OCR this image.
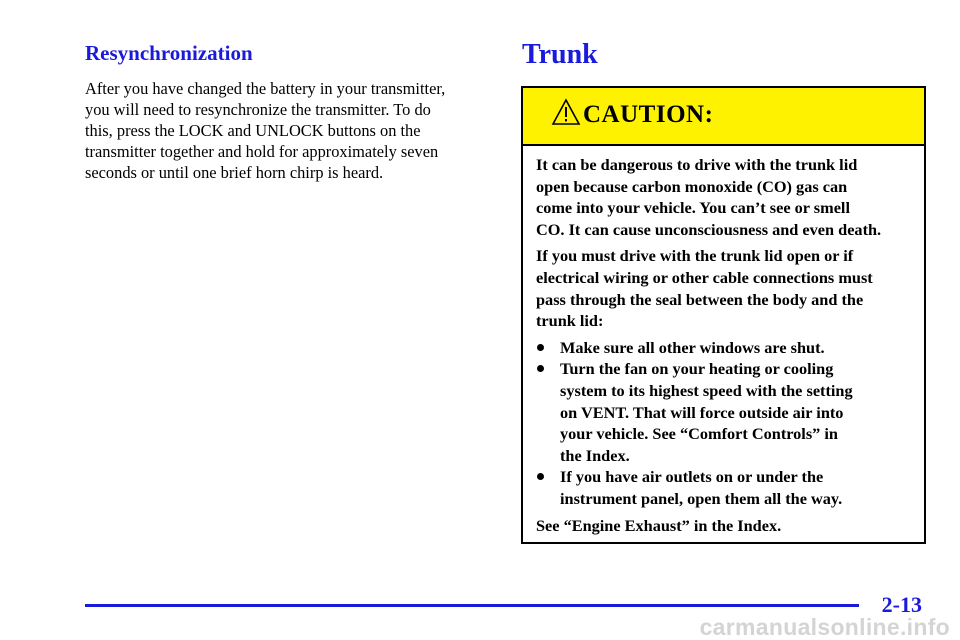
Resynchronization

After you have changed the battery in your transmitter,
you will need to resynchronize the transmitter. To do
this, press the LOCK and UNLOCK buttons on the
transmitter together and hold for approximately seven
seconds or until one brief horn chirp is heard.

Trunk
CAUTION:

It can be dangerous to drive with the trunk lid
open because carbon monoxide (CO) gas can
come into your vehicle. You can’t see or smell
CO. It can cause unconsciousness and even death.

If you must drive with the trunk lid open or if
electrical wiring or other cable connections must
pass through the seal between the body and the
trunk lid:

Make sure all other windows are shut.
Turn the fan on your heating or cooling
system to its highest speed with the setting
on VENT. That will force outside air into
your vehicle. See “Comfort Controls” in
the Index.
If you have air outlets on or under the
instrument panel, open them all the way.

See “Engine Exhaust” in the Index.

2-13

carmanualsonline.info
